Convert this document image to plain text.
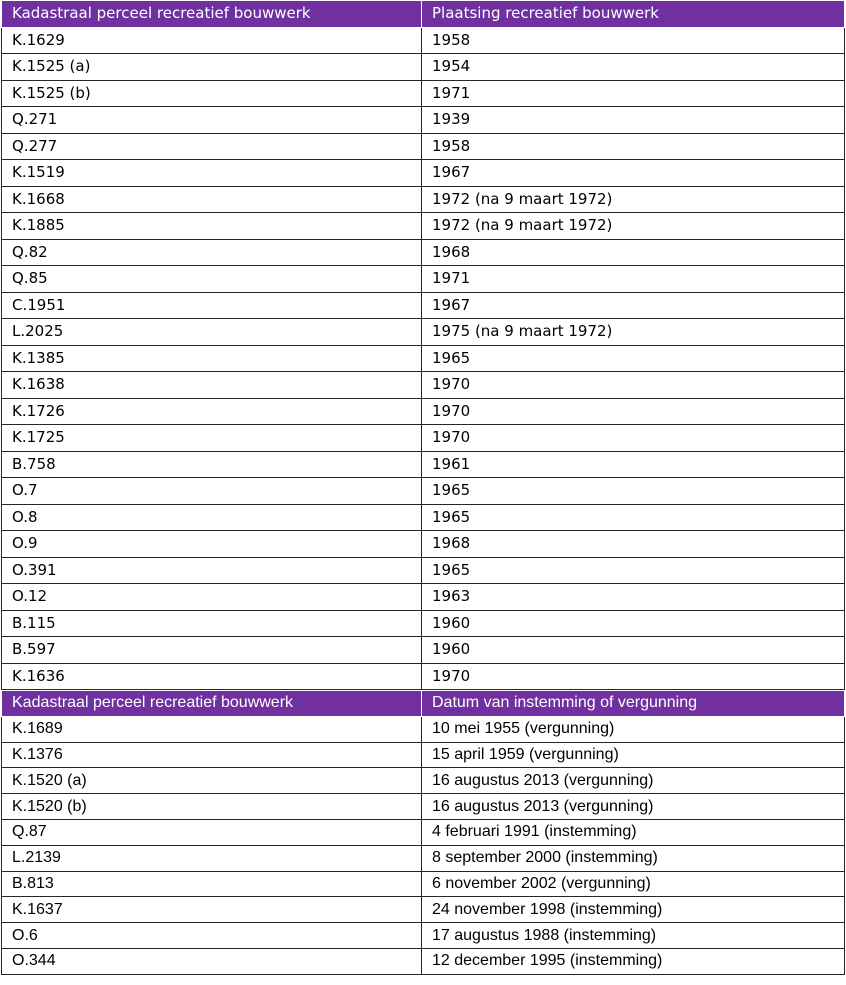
Kadastraal perceel recreatief bouwwerk	Plaatsing recreatief bouwwerk
K.1629	1958
K.1525 (a)	1954
K.1525 (b)	1971
Q.271	1939
Q.277	1958
K.1519	1967
K.1668	1972 (na 9 maart 1972)
K.1885	1972 (na 9 maart 1972)
Q.82	1968
Q.85	1971
C.1951	1967
L.2025	1975 (na 9 maart 1972)
K.1385	1965
K.1638	1970
K.1726	1970
K.1725	1970
B.758	1961
O.7	1965
O.8	1965
O.9	1968
O.391	1965
O.12	1963
B.115	1960
B.597	1960
K.1636	1970
Kadastraal perceel recreatief bouwwerk	Datum van instemming of vergunning
K.1689	10 mei 1955 (vergunning)
K.1376	15 april 1959 (vergunning)
K.1520 (a)	16 augustus 2013 (vergunning)
K.1520 (b)	16 augustus 2013 (vergunning)
Q.87	4 februari 1991 (instemming)
L.2139	8 september 2000 (instemming)
B.813	6 november 2002 (vergunning)
K.1637	24 november 1998 (instemming)
O.6	17 augustus 1988 (instemming)
O.344	12 december 1995 (instemming)
